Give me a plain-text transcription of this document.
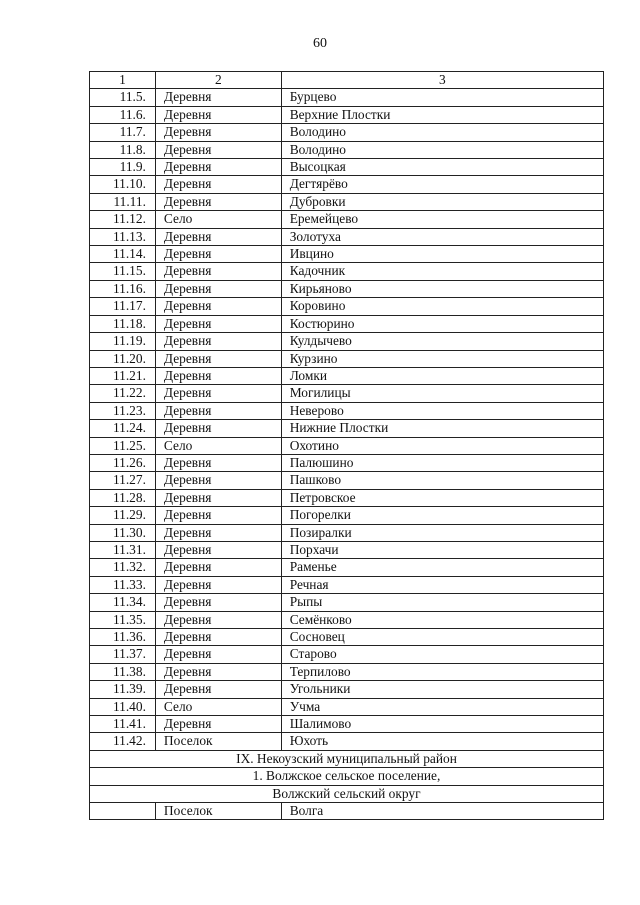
60
1	2	3
11.5.	Деревня	Бурцево
11.6.	Деревня	Верхние Плостки
11.7.	Деревня	Володино
11.8.	Деревня	Володино
11.9.	Деревня	Высоцкая
11.10.	Деревня	Дегтярёво
11.11.	Деревня	Дубровки
11.12.	Село	Еремейцево
11.13.	Деревня	Золотуха
11.14.	Деревня	Ивцино
11.15.	Деревня	Кадочник
11.16.	Деревня	Кирьяново
11.17.	Деревня	Коровино
11.18.	Деревня	Костюрино
11.19.	Деревня	Кулдычево
11.20.	Деревня	Курзино
11.21.	Деревня	Ломки
11.22.	Деревня	Могилицы
11.23.	Деревня	Неверово
11.24.	Деревня	Нижние Плостки
11.25.	Село	Охотино
11.26.	Деревня	Палюшино
11.27.	Деревня	Пашково
11.28.	Деревня	Петровское
11.29.	Деревня	Погорелки
11.30.	Деревня	Позиралки
11.31.	Деревня	Порхачи
11.32.	Деревня	Раменье
11.33.	Деревня	Речная
11.34.	Деревня	Рыпы
11.35.	Деревня	Семёнково
11.36.	Деревня	Сосновец
11.37.	Деревня	Старово
11.38.	Деревня	Терпилово
11.39.	Деревня	Угольники
11.40.	Село	Учма
11.41.	Деревня	Шалимово
11.42.	Поселок	Юхоть
IX. Некоузский муниципальный район		
1. Волжское сельское поселение,		
Волжский сельский округ		
	Поселок	Волга
